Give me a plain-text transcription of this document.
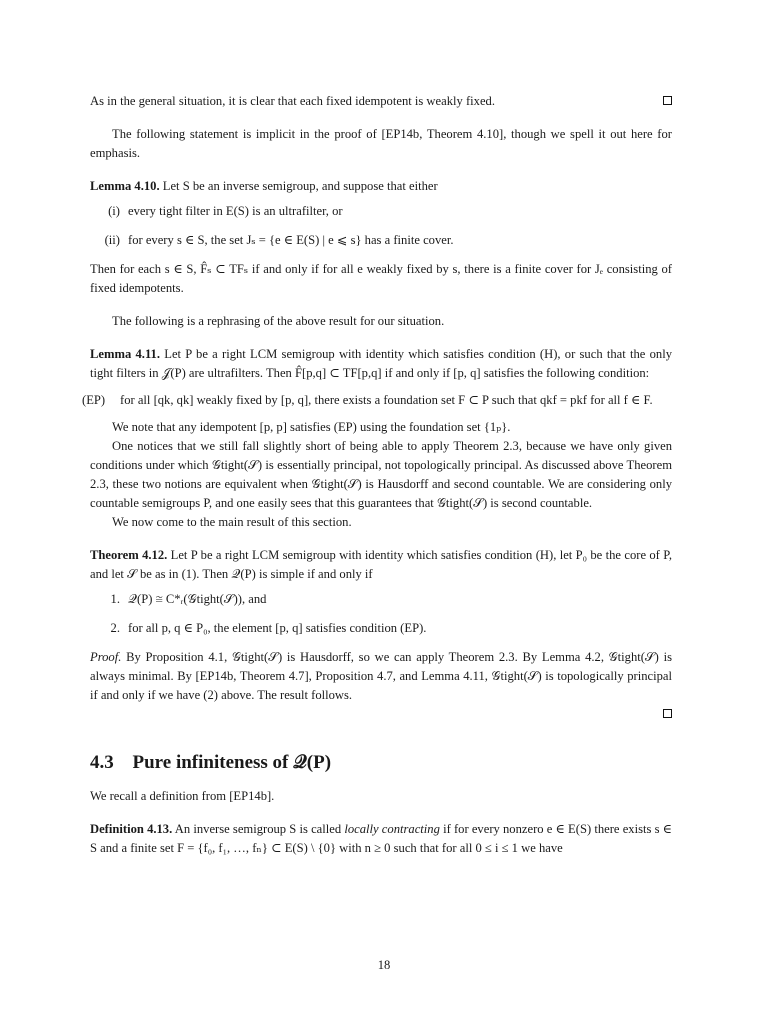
As in the general situation, it is clear that each fixed idempotent is weakly fixed.

The following statement is implicit in the proof of [EP14b, Theorem 4.10], though we spell it out here for emphasis.

Lemma 4.10. Let S be an inverse semigroup, and suppose that either

(i) every tight filter in E(S) is an ultrafilter, or
(ii) for every s ∈ S, the set Jₛ = {e ∈ E(S) | e ⩽ s} has a finite cover.

Then for each s ∈ S, F̂ₛ ⊂ TFₛ if and only if for all e weakly fixed by s, there is a finite cover for Jₑ consisting of fixed idempotents.

The following is a rephrasing of the above result for our situation.

Lemma 4.11. Let P be a right LCM semigroup with identity which satisfies condition (H), or such that the only tight filters in 𝒥(P) are ultrafilters. Then F̂[p,q] ⊂ TF[p,q] if and only if [p, q] satisfies the following condition:

(EP)	for all [qk, qk] weakly fixed by [p, q], there exists a foundation set F ⊂ P such that qkf = pkf for all f ∈ F.

We note that any idempotent [p, p] satisfies (EP) using the foundation set {1ₚ}.

One notices that we still fall slightly short of being able to apply Theorem 2.3, because we have only given conditions under which 𝒢tight(𝒮) is essentially principal, not topologically principal. As discussed above Theorem 2.3, these two notions are equivalent when 𝒢tight(𝒮) is Hausdorff and second countable. We are considering only countable semigroups P, and one easily sees that this guarantees that 𝒢tight(𝒮) is second countable.

We now come to the main result of this section.

Theorem 4.12. Let P be a right LCM semigroup with identity which satisfies condition (H), let P₀ be the core of P, and let 𝒮 be as in (1). Then 𝒬(P) is simple if and only if

1. 𝒬(P) ≅ C*ᵣ(𝒢tight(𝒮)), and
2. for all p, q ∈ P₀, the element [p, q] satisfies condition (EP).

Proof. By Proposition 4.1, 𝒢tight(𝒮) is Hausdorff, so we can apply Theorem 2.3. By Lemma 4.2, 𝒢tight(𝒮) is always minimal. By [EP14b, Theorem 4.7], Proposition 4.7, and Lemma 4.11, 𝒢tight(𝒮) is topologically principal if and only if we have (2) above. The result follows.

4.3 Pure infiniteness of 𝒬(P)

We recall a definition from [EP14b].

Definition 4.13. An inverse semigroup S is called locally contracting if for every nonzero e ∈ E(S) there exists s ∈ S and a finite set F = {f₀, f₁, …, fₙ} ⊂ E(S) \ {0} with n ≥ 0 such that for all 0 ≤ i ≤ 1 we have

18
